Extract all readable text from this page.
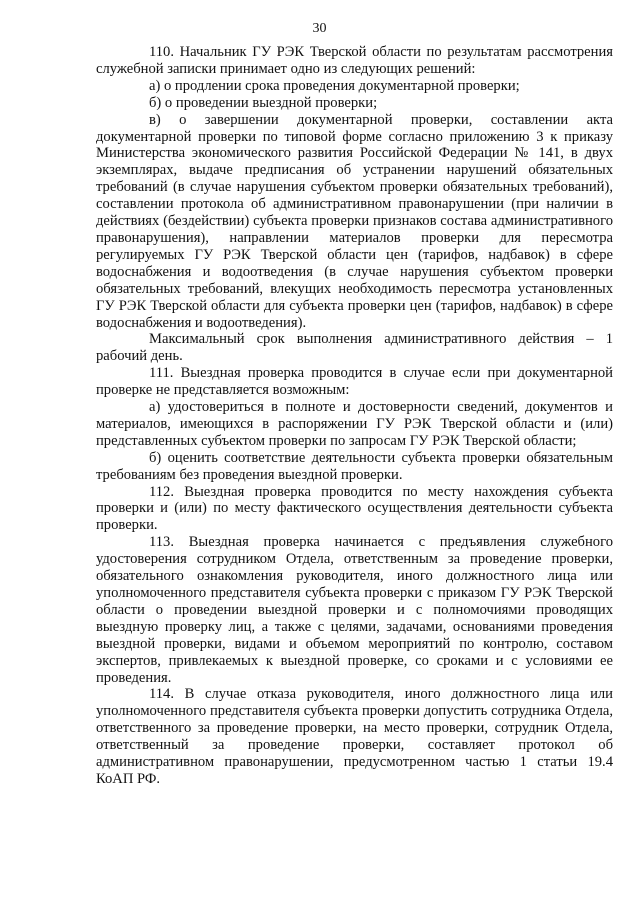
30

110. Начальник ГУ РЭК Тверской области по результатам рассмотрения служебной записки принимает одно из следующих решений:

а) о продлении срока проведения документарной проверки;

б) о проведении выездной проверки;

в) о завершении документарной проверки, составлении акта документарной проверки по типовой форме согласно приложению 3 к приказу Министерства экономического развития Российской Федерации № 141, в двух экземплярах, выдаче предписания об устранении нарушений обязательных требований (в случае нарушения субъектом проверки обязательных требований), составлении протокола об административном правонарушении (при наличии в действиях (бездействии) субъекта проверки признаков состава административного правонарушения), направлении материалов проверки для пересмотра регулируемых ГУ РЭК Тверской области цен (тарифов, надбавок) в сфере водоснабжения и водоотведения (в случае нарушения субъектом проверки обязательных требований, влекущих необходимость пересмотра установленных ГУ РЭК Тверской области для субъекта проверки цен (тарифов, надбавок) в сфере водоснабжения и водоотведения).

Максимальный срок выполнения административного действия – 1 рабочий день.

111. Выездная проверка проводится в случае если при документарной проверке не представляется возможным:

а) удостовериться в полноте и достоверности сведений, документов и материалов, имеющихся в распоряжении ГУ РЭК Тверской области и (или) представленных субъектом проверки по запросам ГУ РЭК Тверской области;

б) оценить соответствие деятельности субъекта проверки обязательным требованиям без проведения выездной проверки.

112. Выездная проверка проводится по месту нахождения субъекта проверки и (или) по месту фактического осуществления деятельности субъекта проверки.

113. Выездная проверка начинается с предъявления служебного удостоверения сотрудником Отдела, ответственным за проведение проверки, обязательного ознакомления руководителя, иного должностного лица или уполномоченного представителя субъекта проверки с приказом ГУ РЭК Тверской области о проведении выездной проверки и с полномочиями проводящих выездную проверку лиц, а также с целями, задачами, основаниями проведения выездной проверки, видами и объемом мероприятий по контролю, составом экспертов, привлекаемых к выездной проверке, со сроками и с условиями ее проведения.

114. В случае отказа руководителя, иного должностного лица или уполномоченного представителя субъекта проверки допустить сотрудника Отдела, ответственного за проведение проверки, на место проверки, сотрудник Отдела, ответственный за проведение проверки, составляет протокол об административном правонарушении, предусмотренном частью 1 статьи 19.4 КоАП РФ.
